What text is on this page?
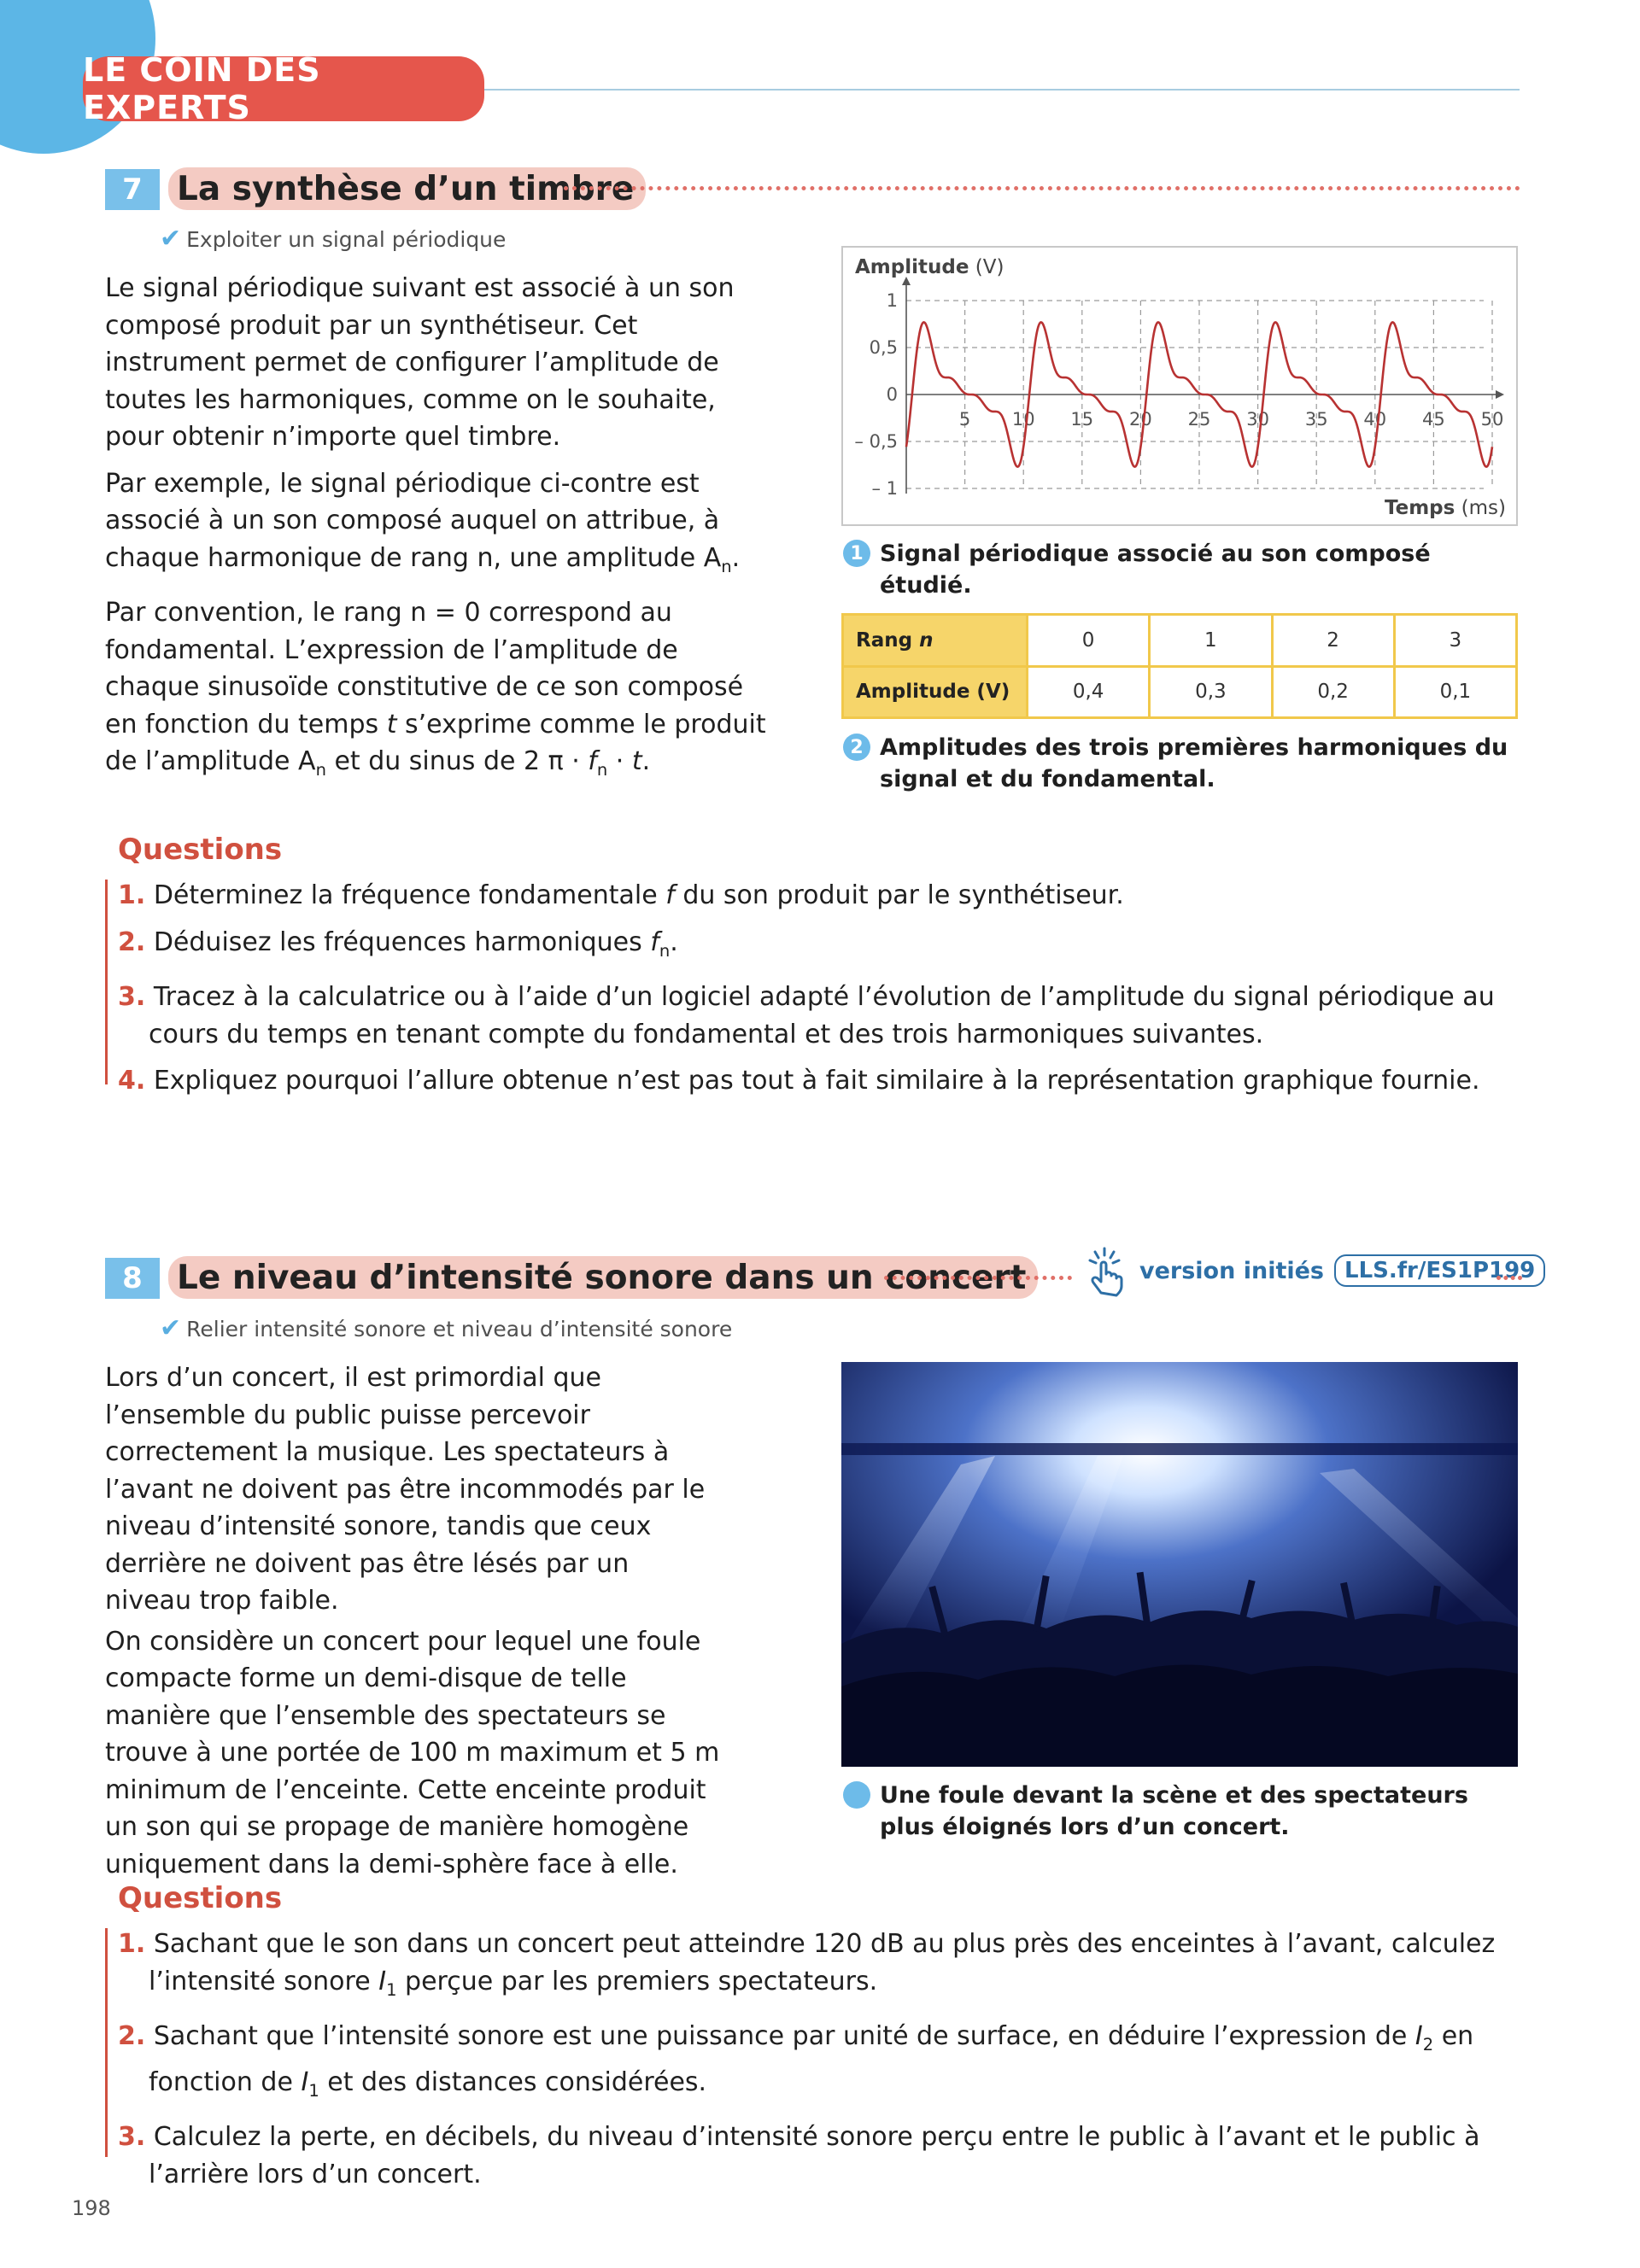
LE COIN DES EXPERTS
7	La synthèse d’un timbre
✔ Exploiter un signal périodique

Le signal périodique suivant est associé à un son composé produit par un synthétiseur. Cet instrument permet de configurer l’amplitude de toutes les harmoniques, comme on le souhaite, pour obtenir n’importe quel timbre.

Par exemple, le signal périodique ci-contre est associé à un son composé auquel on attribue, à chaque harmonique de rang n, une amplitude $A_n$.

Par convention, le rang n = 0 correspond au fondamental. L’expression de l’amplitude de chaque sinusoïde constitutive de ce son composé en fonction du temps t s’exprime comme le produit de l’amplitude $A_n$ et du sinus de 2 $\pi \cdot f_n \cdot t$.

Amplitude (V)
Temps (ms)
1
0,5
0
– 0,5
– 1
5 10 15 20 25 30 35 40 45 50
1 Signal périodique associé au son composé étudié.
Rang n	0	1	2	3
Amplitude (V)	0,4	0,3	0,2	0,1
2 Amplitudes des trois premières harmoniques du signal et du fondamental.
Questions
1. Déterminez la fréquence fondamentale f du son produit par le synthétiseur.
2. Déduisez les fréquences harmoniques $f_n$.
3. Tracez à la calculatrice ou à l’aide d’un logiciel adapté l’évolution de l’amplitude du signal périodique au cours du temps en tenant compte du fondamental et des trois harmoniques suivantes.
4. Expliquez pourquoi l’allure obtenue n’est pas tout à fait similaire à la représentation graphique fournie.
8	Le niveau d’intensité sonore dans un concert	version initiés LLS.fr/ES1P199
✔ Relier intensité sonore et niveau d’intensité sonore

Lors d’un concert, il est primordial que l’ensemble du public puisse percevoir correctement la musique. Les spectateurs à l’avant ne doivent pas être incommodés par le niveau d’intensité sonore, tandis que ceux derrière ne doivent pas être lésés par un niveau trop faible.

On considère un concert pour lequel une foule compacte forme un demi-disque de telle manière que l’ensemble des spectateurs se trouve à une portée de 100 m maximum et 5 m minimum de l’enceinte. Cette enceinte produit un son qui se propage de manière homogène uniquement dans la demi-sphère face à elle.

Une foule devant la scène et des spectateurs plus éloignés lors d’un concert.
Questions
1. Sachant que le son dans un concert peut atteindre 120 dB au plus près des enceintes à l’avant, calculez l’intensité sonore $I_1$ perçue par les premiers spectateurs.
2. Sachant que l’intensité sonore est une puissance par unité de surface, en déduire l’expression de $I_2$ en fonction de $I_1$ et des distances considérées.
3. Calculez la perte, en décibels, du niveau d’intensité sonore perçu entre le public à l’avant et le public à l’arrière lors d’un concert.
198
